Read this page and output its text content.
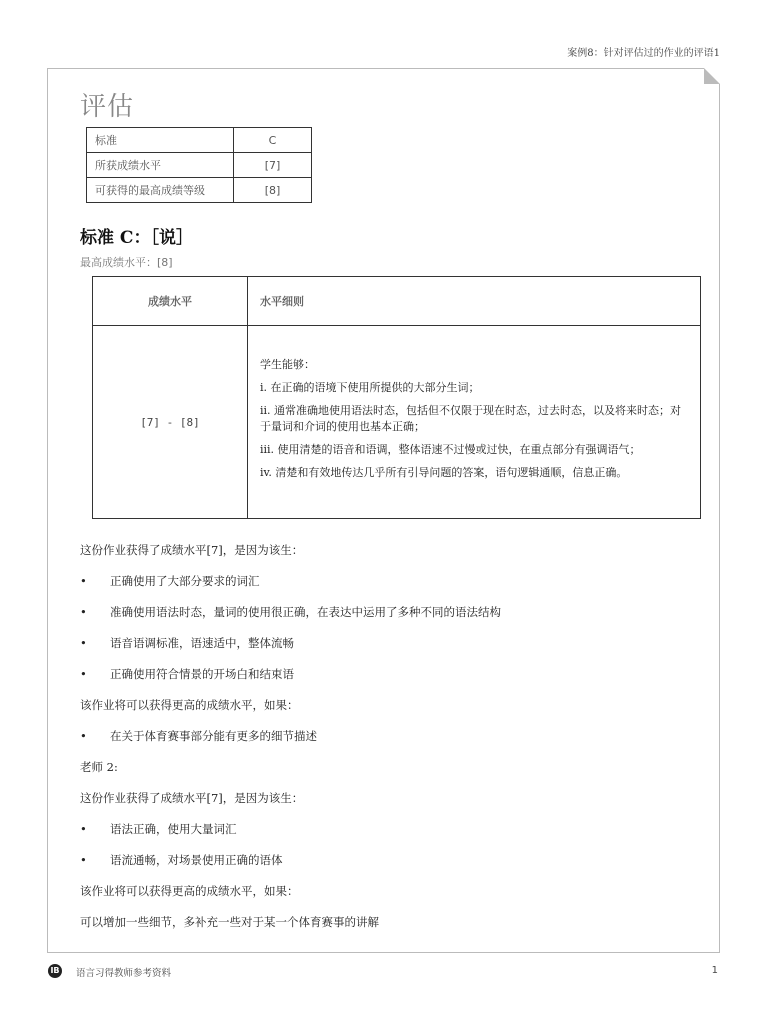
案例8：针对评估过的作业的评语1
评估
标准	C
所获成绩水平	[7]
可获得的最高成绩等级	[8]
标准 C：［说］
最高成绩水平：[8]
成绩水平	水平细则
[7] - [8]	学生能够：

i. 在正确的语境下使用所提供的大部分生词；

ii. 通常准确地使用语法时态，包括但不仅限于现在时态，过去时态，以及将来时态；对于量词和介词的使用也基本正确；

iii. 使用清楚的语音和语调，整体语速不过慢或过快，在重点部分有强调语气；

iv. 清楚和有效地传达几乎所有引导问题的答案，语句逻辑通顺，信息正确。

这份作业获得了成绩水平[7]，是因为该生：
•	正确使用了大部分要求的词汇
•	准确使用语法时态，量词的使用很正确，在表达中运用了多种不同的语法结构
•	语音语调标准，语速适中，整体流畅
•	正确使用符合情景的开场白和结束语
该作业将可以获得更高的成绩水平，如果：
•	在关于体育赛事部分能有更多的细节描述
老师 2:
这份作业获得了成绩水平[7]，是因为该生：
•	语法正确，使用大量词汇
•	语流通畅，对场景使用正确的语体
该作业将可以获得更高的成绩水平，如果：
可以增加一些细节，多补充一些对于某一个体育赛事的讲解
IB 语言习得教师参考资料	1
